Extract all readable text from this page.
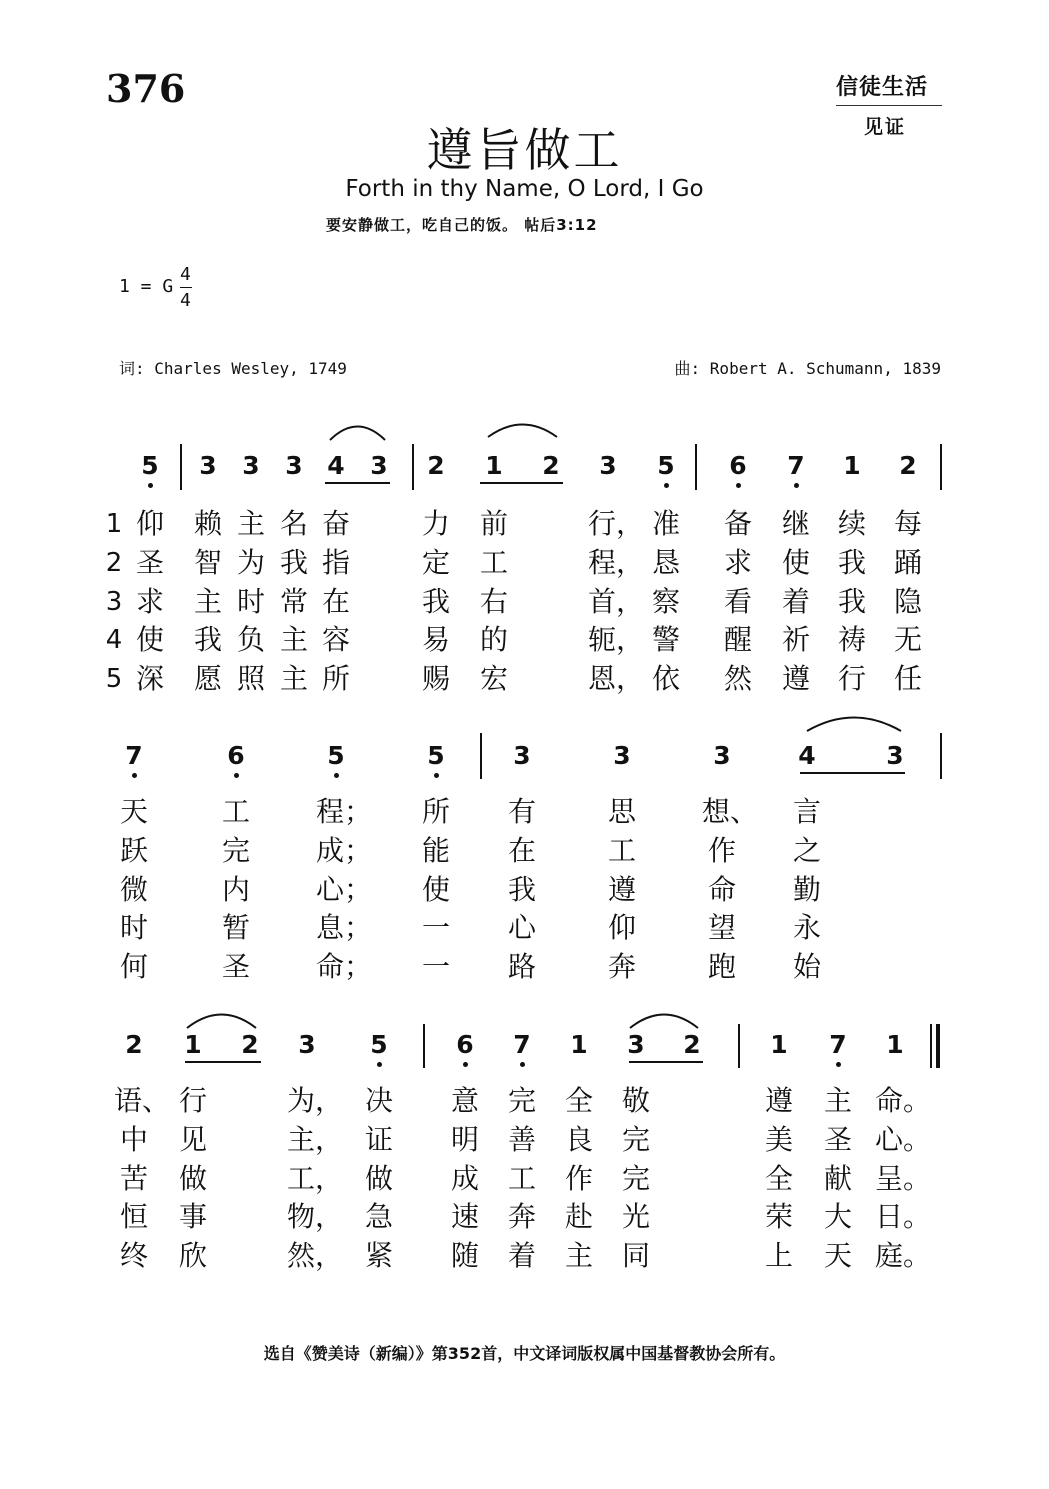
376	信徒生活
见证
遵旨做工
Forth in thy Name, O Lord, I Go
要安静做工，吃自己的饭。 帖后3:12
1 = G
4
4
词: Charles Wesley, 1749	曲: Robert A. Schumann, 1839
5 3 3 3 4 3 2 1 2 3 5 6 7 1 2
1 仰 赖 主 名 奋	力 前	行， 准 备 继 续 每
2 圣 智 为 我 指	定 工	程， 恳 求 使 我 踊
3 求 主 时 常 在	我 右	首， 察 看 着 我 隐
4 使 我 负 主 容	易 的	轭， 警 醒 祈 祷 无
5 深 愿 照 主 所	赐 宏	恩， 依 然 遵 行 任
7	6	5	5	3	3	3	4	3
天	工 程； 所 有	思 想、 言
跃	完 成； 能 在	工	作 之
微	内 心； 使 我	遵	命 勤
时	暂 息； 一 心	仰	望 永
何	圣 命； 一 路	奔	跑 始
2 1 2 3 5	6 7 1 3 2	1 7 1
语、 行	为， 决 意 完 全 敬	遵 主 命。
中 见	主， 证 明 善 良 完	美 圣 心。
苦 做	工， 做 成 工 作 完	全 献 呈。
恒 事	物， 急 速 奔 赴 光	荣 大 日。
终 欣	然， 紧 随 着 主 同	上 天 庭。
选自《赞美诗（新编）》第352首，中文译词版权属中国基督教协会所有。
